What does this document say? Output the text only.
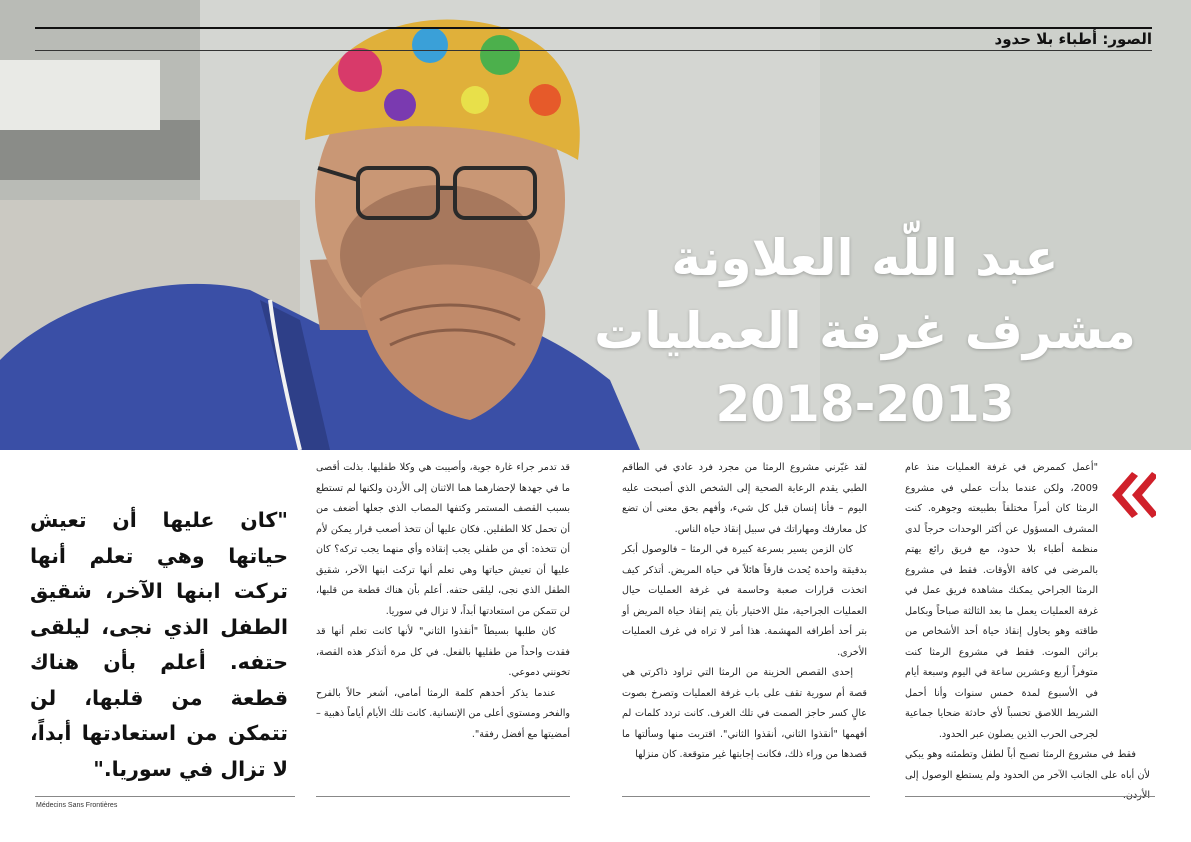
الصور: أطباء بلا حدود
عبد اللّه العلاونة
مشرف غرفة العمليات
2018-2013

"أعمل كممرض في غرفة العمليات منذ عام 2009، ولكن عندما بدأت عملي في مشروع الرمثا كان أمراً مختلفاً بطبيعته وجوهره. كنت المشرف المسؤول عن أكثر الوحدات حرجاً لدى منظمة أطباء بلا حدود، مع فريق رائع يهتم بالمرضى في كافة الأوقات. فقط في مشروع الرمثا الجراحي يمكنك مشاهدة فريق عمل في غرفة العمليات يعمل ما بعد الثالثة صباحاً وبكامل طاقته وهو يحاول إنقاذ حياة أحد الأشخاص من براثن الموت. فقط في مشروع الرمثا كنت متوفراً أربع وعشرين ساعة في اليوم وسبعة أيام في الأسبوع لمدة خمس سنوات وأنا أحمل الشريط اللاصق تحسباً لأي حادثة ضحايا جماعية لجرحى الحرب الذين يصلون عبر الحدود.

فقط في مشروع الرمثا تصبح أباً لطفل وتطمئنه وهو يبكي لأن أباه على الجانب الآخر من الحدود ولم يستطع الوصول إلى

لقد غيّرني مشروع الرمثا من مجرد فرد عادي في الطاقم الطبي يقدم الرعاية الصحية إلى الشخص الذي أصبحت عليه اليوم – فأنا إنسان قبل كل شيء، وأفهم بحق معنى أن تضع كل معارفك ومهاراتك في سبيل إنقاذ حياة الناس.

كان الزمن يسير بسرعة كبيرة في الرمثا – فالوصول أبكر بدقيقة واحدة يُحدث فارقاً هائلاً في حياة المريض. أتذكر كيف اتخذت قرارات صعبة وحاسمة في غرفة العمليات حيال العمليات الجراحية، مثل الاختيار بأن يتم إنقاذ حياة المريض أو بتر أحد أطرافه المهشمة. هذا أمر لا تراه في غرف العمليات الأخرى.

إحدى القصص الحزينة من الرمثا التي تراود ذاكرتي هي قصة أم سورية تقف على باب غرفة العمليات وتصرخ بصوت عالٍ كسر حاجز الصمت في تلك الغرف. كانت تردد كلمات لم أفهمها "أنقذوا الثاني، أنقذوا الثاني". اقتربت منها وسألتها ما قصدها من وراء ذلك، فكانت إجابتها غير متوقعة. كان منزلها

قد تدمر جراء غارة جوية، وأصيبت هي وكلا طفليها. بذلت أقصى ما في جهدها لإحضارهما هما الاثنان إلى الأردن ولكنها لم تستطع بسبب القصف المستمر وكتفها المصاب الذي جعلها أضعف من أن تحمل كلا الطفلين. فكان عليها أن تتخذ أصعب قرار يمكن لأم أن تتخذه: أي من طفلي يجب إنقاذه وأي منهما يجب تركه؟ كان عليها أن تعيش حياتها وهي تعلم أنها تركت ابنها الآخر، شقيق الطفل الذي نجى، ليلقى حتفه. أعلم بأن هناك قطعة من قلبها، لن تتمكن من استعادتها أبداً، لا تزال في سوريا.

كان طلبها بسيطاً "أنقذوا الثاني" لأنها كانت تعلم أنها قد فقدت واحداً من طفليها بالفعل. في كل مرة أتذكر هذه القصة، تخونني دموعي.

عندما يذكر أحدهم كلمة الرمثا أمامي، أشعر حالاً بالفرح والفخر ومستوى أعلى من الإنسانية. كانت تلك الأيام أياماً ذهبية – أمضيتها مع أفضل رفقة".

"كان عليها أن تعيش حياتها وهي تعلم أنها تركت ابنها الآخر، شقيق الطفل الذي نجى، ليلقى حتفه. أعلم بأن هناك قطعة من قلبها، لن تتمكن من استعادتها أبداً، لا تزال في سوريا."
Médecins Sans Frontières
